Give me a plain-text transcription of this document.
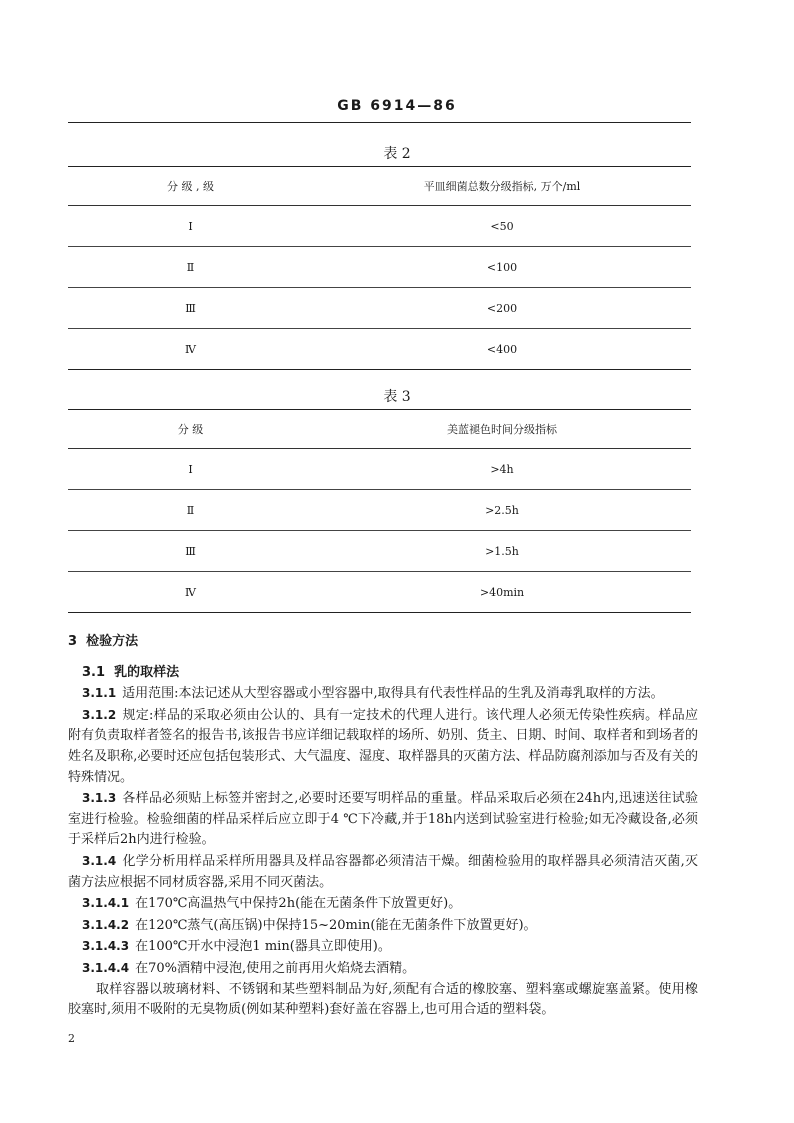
GB 6914—86
表 2
分 级 , 级	平皿细菌总数分级指标, 万个/ml
Ⅰ	<50
Ⅱ	<100
Ⅲ	<200
Ⅳ	<400
表 3
分 级	美蓝褪色时间分级指标
Ⅰ	>4h
Ⅱ	>2.5h
Ⅲ	>1.5h
Ⅳ	>40min

3 检验方法

3.1 乳的取样法

3.1.1 适用范围:本法记述从大型容器或小型容器中,取得具有代表性样品的生乳及消毒乳取样的方法。

3.1.2 规定:样品的采取必须由公认的、具有一定技术的代理人进行。该代理人必须无传染性疾病。样品应附有负责取样者签名的报告书,该报告书应详细记载取样的场所、奶別、货主、日期、时间、取样者和到场者的姓名及职称,必要时还应包括包装形式、大气温度、湿度、取样器具的灭菌方法、样品防腐剂添加与否及有关的特殊情况。

3.1.3 各样品必须贴上标签并密封之,必要时还要写明样品的重量。样品采取后必须在24h内,迅速送往试验室进行检验。检验细菌的样品采样后应立即于4 ℃下冷藏,并于18h内送到试验室进行检验;如无冷藏设备,必须于采样后2h内进行检验。

3.1.4 化学分析用样品采样所用器具及样品容器都必须清洁干燥。细菌检验用的取样器具必须清洁灭菌,灭菌方法应根据不同材质容器,采用不同灭菌法。

3.1.4.1 在170℃高温热气中保持2h(能在无菌条件下放置更好)。

3.1.4.2 在120℃蒸气(高压锅)中保持15~20min(能在无菌条件下放置更好)。

3.1.4.3 在100℃开水中浸泡1 min(器具立即使用)。

3.1.4.4 在70%酒精中浸泡,使用之前再用火焰烧去酒精。

取样容器以玻璃材料、不锈钢和某些塑料制品为好,须配有合适的橡胶塞、塑料塞或螺旋塞盖紧。使用橡胶塞时,须用不吸附的无臭物质(例如某种塑料)套好盖在容器上,也可用合适的塑料袋。

2
